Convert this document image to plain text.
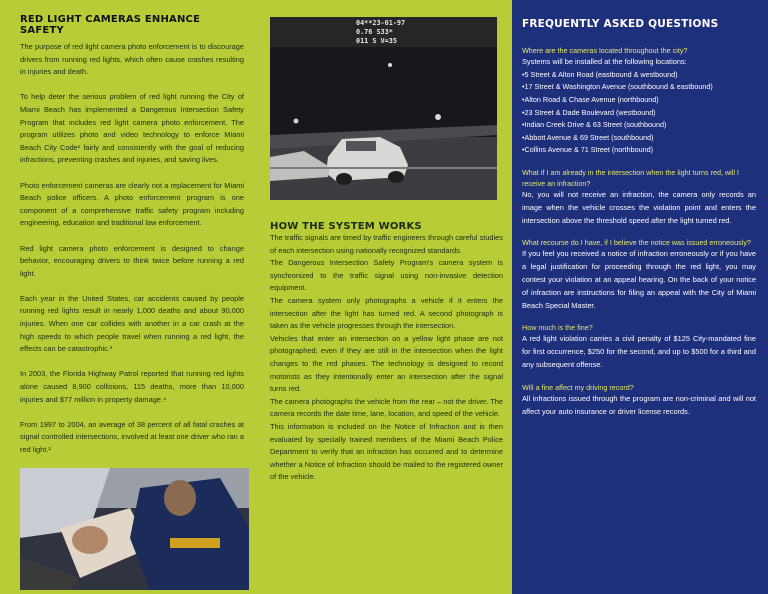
RED LIGHT CAMERAS ENHANCE SAFETY

The purpose of red light camera photo enforcement is to discourage drivers from running red lights, which often cause crashes resulting in injuries and death.

To help deter the serious problem of red light running the City of Miami Beach has implemented a Dangerous Intersection Safety Program that includes red light camera photo enforcement. The program utilizes photo and video technology to enforce Miami Beach City Code¹ fairly and consistently with the goal of reducing infractions, preventing crashes and injuries, and saving lives.

Photo enforcement cameras are clearly not a replacement for Miami Beach police officers. A photo enforcement program is one component of a comprehensive traffic safety program including engineering, education and traditional law enforcement.

Red light camera photo enforcement is designed to change behavior, encouraging drivers to think twice before running a red light.

Each year in the United States, car accidents caused by people running red lights result in nearly 1,000 deaths and about 90,000 injuries. When one car collides with another in a car crash at the high speeds to which people travel when running a red light, the effects can be catastrophic.³

In 2003, the Florida Highway Patrol reported that running red lights alone caused 8,900 collisions, 115 deaths, more than 10,000 injuries and $77 million in property damage.⁴

From 1997 to 2004, an average of 38 percent of all fatal crashes at signal controlled intersections, involved at least one driver who ran a red light.²

04**23-01-97
0.76 S33*
011 S V=35
HOW THE SYSTEM WORKS

The traffic signals are timed by traffic engineers through careful studies of each intersection using nationally recognized standards.

The Dangerous Intersection Safety Program's camera system is synchronized to the traffic signal using non-invasive detection equipment.

The camera system only photographs a vehicle if it enters the intersection after the light has turned red. A second photograph is taken as the vehicle progresses through the intersection.

Vehicles that enter an intersection on a yellow light phase are not photographed; even if they are still in the intersection when the light changes to the red phases. The technology is designed to record motorists as they intentionally enter an intersection after the signal turns red.

The camera photographs the vehicle from the rear – not the driver. The camera records the date time, lane, location, and speed of the vehicle.

This information is included on the Notice of Infraction and is then evaluated by specially trained members of the Miami Beach Police Department to verify that an infraction has occurred and to determine whether a Notice of Infraction should be mailed to the registered owner of the vehicle.

FREQUENTLY ASKED QUESTIONS
Where are the cameras located throughout the city?
Systems will be installed at the following locations:
• 5 Street & Alton Road (eastbound & westbound)
• 17 Street & Washington Avenue (southbound & eastbound)
• Alton Road & Chase Avenue (northbound)
• 23 Street & Dade Boulevard (westbound)
• Indian Creek Drive & 63 Street (southbound)
• Abbott Avenue & 69 Street (southbound)
• Collins Avenue & 71 Street (northbound)
What if I am already in the intersection when the light turns red, will I receive an infraction?
No, you will not receive an infraction, the camera only records an image when the vehicle crosses the violation point and enters the intersection above the threshold speed after the light turned red.
What recourse do I have, if I believe the notice was issued erroneously?
If you feel you received a notice of infraction erroneously or if you have a legal justification for proceeding through the red light, you may contest your violation at an appeal hearing. On the back of your notice of infraction are instructions for filing an appeal with the City of Miami Beach Special Master.
How much is the fine?
A red light violation carries a civil penalty of $125 City-mandated fine for first occurrence, $250 for the second, and up to $500 for a third and any subsequent offense.
Will a fine affect my driving record?
All infractions issued through the program are non-criminal and will not affect your auto insurance or driver license records.
